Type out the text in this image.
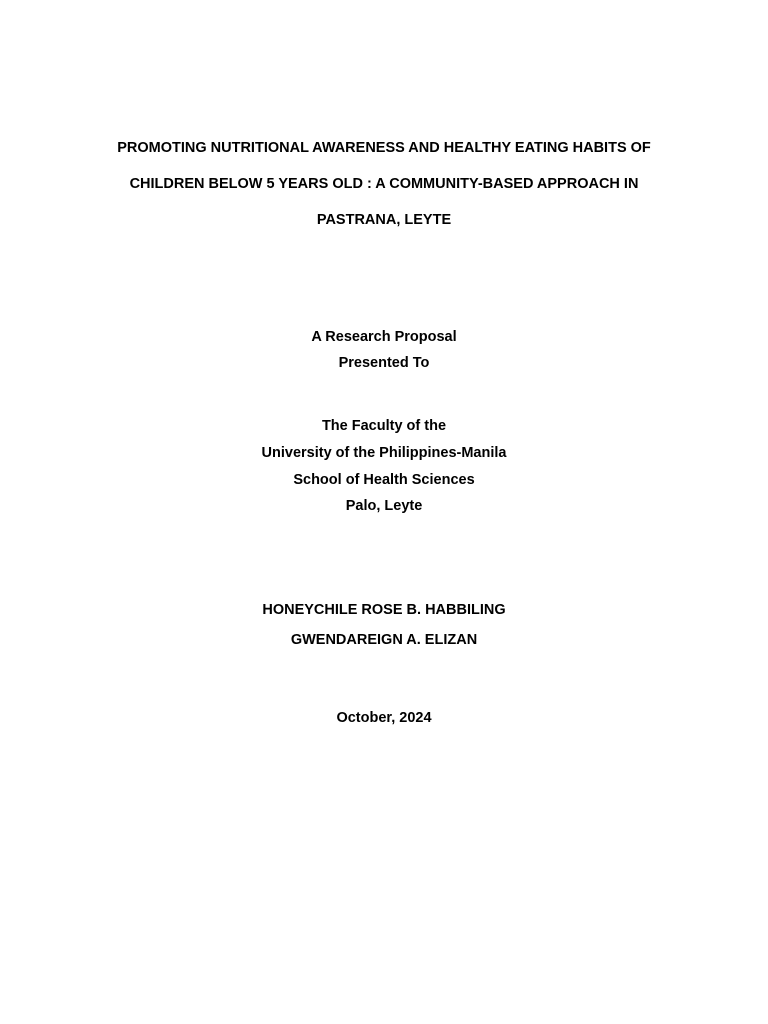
PROMOTING NUTRITIONAL AWARENESS AND HEALTHY EATING HABITS OF
CHILDREN BELOW 5 YEARS OLD : A COMMUNITY-BASED APPROACH IN
PASTRANA, LEYTE
A Research Proposal
Presented To
The Faculty of the
University of the Philippines-Manila
School of Health Sciences
Palo, Leyte
HONEYCHILE ROSE B. HABBILING
GWENDAREIGN A. ELIZAN
October, 2024
